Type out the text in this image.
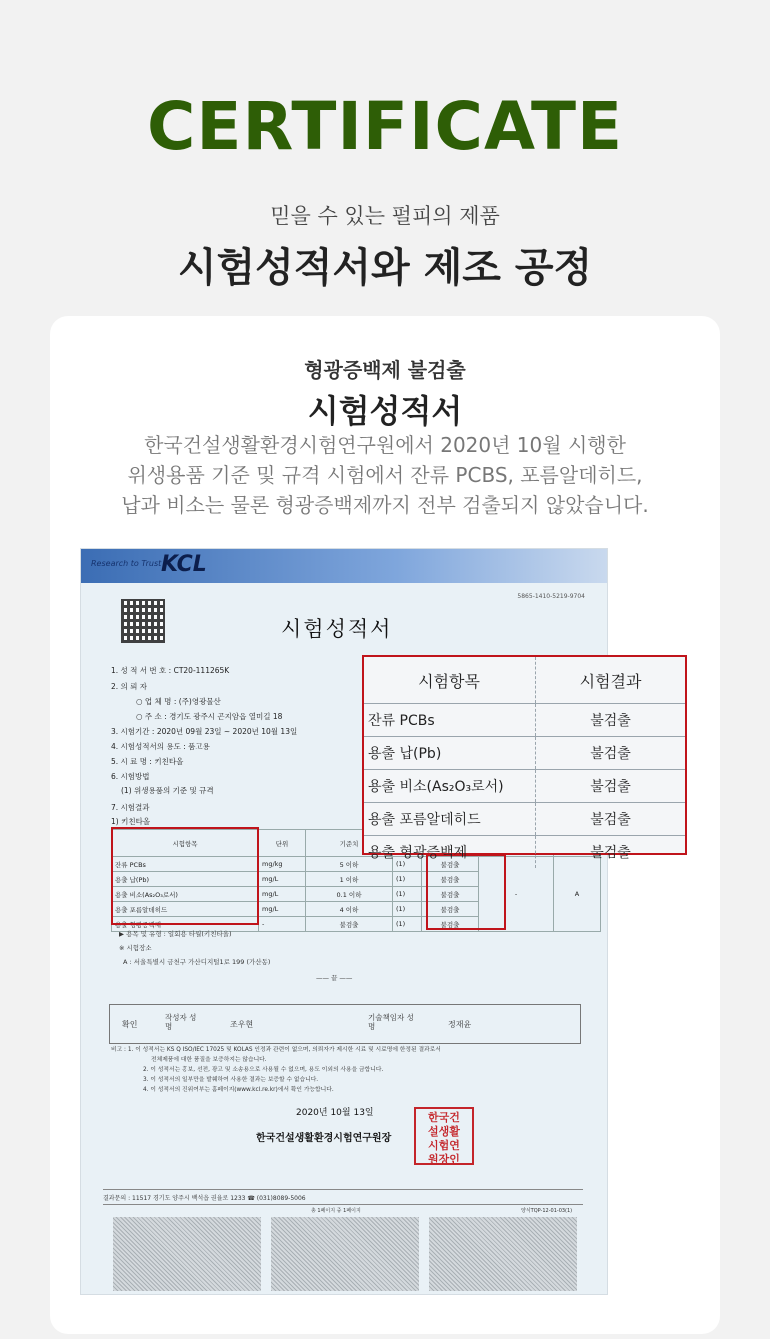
CERTIFICATE
믿을 수 있는 펄피의 제품
시험성적서와 제조 공정
형광증백제 불검출
시험성적서
한국건설생활환경시험연구원에서 2020년 10월 시행한
위생용품 기준 및 규격 시험에서 잔류 PCBS, 포름알데히드,
납과 비소는 물론 형광증백제까지 전부 검출되지 않았습니다.
Research to Trust KCL
5865-1410-5219-9704
시험성적서
1. 성 적 서 번 호 : CT20-111265K
2. 의 뢰 자
○ 업 체 명 : (주)영광물산
○ 주 소 : 경기도 광주시 곤지암읍 열미길 18
3. 시험기간 : 2020년 09월 23일 ~ 2020년 10월 13일
4. 시험성적서의 용도 : 품고용
5. 시 료 명 : 키친타올
6. 시험방법
(1) 위생용품의 기준 및 규격
7. 시험결과
1) 키친타올
시험항목	단위	기준치				
잔류 PCBs	mg/kg	5 이하	(1)	불검출	-	A
용출 납(Pb)	mg/L	1 이하	(1)	불검출		
용출 비소(As₂O₃로서)	mg/L	0.1 이하	(1)	불검출		
용출 포름알데히드	mg/L	4 이하	(1)	불검출		
용출 형광증백제	-	불검출	(1)	불검출		
▶ 용목 및 유형 : 일회용 타월(키친타올)
※ 시험장소
A : 서울특별시 금천구 가산디지털1로 199 (가산동)
—— 끝 ——
확인
작성자 성 명	조우현
기술책임자 성 명	정재윤
비고 : 1. 이 성적서는 KS Q ISO/IEC 17025 및 KOLAS 인정과 관련이 없으며, 의뢰자가 제시한 시료 및 시료명에 한정된 결과로서
전체제품에 대한 품질을 보증하지는 않습니다.
2. 이 성적서는 홍보, 선전, 광고 및 소송용으로 사용될 수 없으며, 용도 이외의 사용을 금합니다.
3. 이 성적서의 일부만을 발췌하여 사용한 결과는 보증할 수 없습니다.
4. 이 성적서의 진위여부는 홈페이지(www.kcl.re.kr)에서 확인 가능합니다.
2020년 10월 13일
한국건설생활환경시험연구원장
한국건
설생활
시험연
원장인
결과문의 : 11517 경기도 양주시 백석읍 권율로 1233 ☎ (031)8089-5006
총 1페이지 중 1페이지	양식TQP-12-01-03(1)
시험항목	시험결과
잔류 PCBs	불검출
용출 납(Pb)	불검출
용출 비소(As₂O₃로서)	불검출
용출 포름알데히드	불검출
용출 형광증백제	불검출
